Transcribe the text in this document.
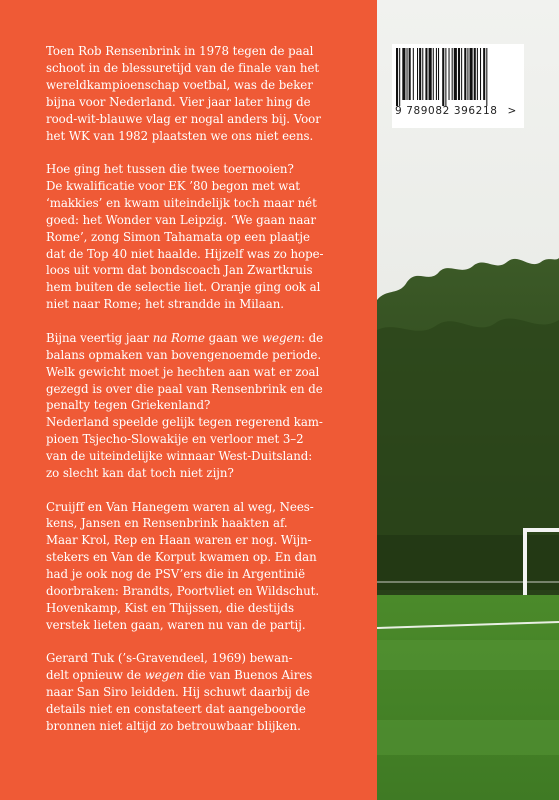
Toen Rob Rensenbrink in 1978 tegen de paal
schoot in de blessuretijd van de finale van het
wereldkampioenschap voetbal, was de beker
bijna voor Nederland. Vier jaar later hing de
rood-wit-blauwe vlag er nogal anders bij. Voor
het WK van 1982 plaatsten we ons niet eens.

Hoe ging het tussen die twee toernooien?
De kwalificatie voor EK ’80 begon met wat
‘makkies’ en kwam uiteindelijk toch maar nét
goed: het Wonder van Leipzig. ‘We gaan naar
Rome’, zong Simon Tahamata op een plaatje
dat de Top 40 niet haalde. Hijzelf was zo hope-
loos uit vorm dat bondscoach Jan Zwartkruis
hem buiten de selectie liet. Oranje ging ook al
niet naar Rome; het strandde in Milaan.

Bijna veertig jaar na Rome gaan we wegen: de
balans opmaken van bovengenoemde periode.
Welk gewicht moet je hechten aan wat er zoal
gezegd is over die paal van Rensenbrink en de
penalty tegen Griekenland?
Nederland speelde gelijk tegen regerend kam-
pioen Tsjecho-Slowakije en verloor met 3–2
van de uiteindelijke winnaar West-Duitsland:
zo slecht kan dat toch niet zijn?

Cruijff en Van Hanegem waren al weg, Nees-
kens, Jansen en Rensenbrink haakten af.
Maar Krol, Rep en Haan waren er nog. Wijn-
stekers en Van de Korput kwamen op. En dan
had je ook nog de PSV’ers die in Argentinië
doorbraken: Brandts, Poortvliet en Wildschut.
Hovenkamp, Kist en Thijssen, die destijds
verstek lieten gaan, waren nu van de partij.

Gerard Tuk (’s-Gravendeel, 1969) bewan-
delt opnieuw de wegen die van Buenos Aires
naar San Siro leidden. Hij schuwt daarbij de
details niet en constateert dat aangeboorde
bronnen niet altijd zo betrouwbaar blijken.

9 789082 396218 >
